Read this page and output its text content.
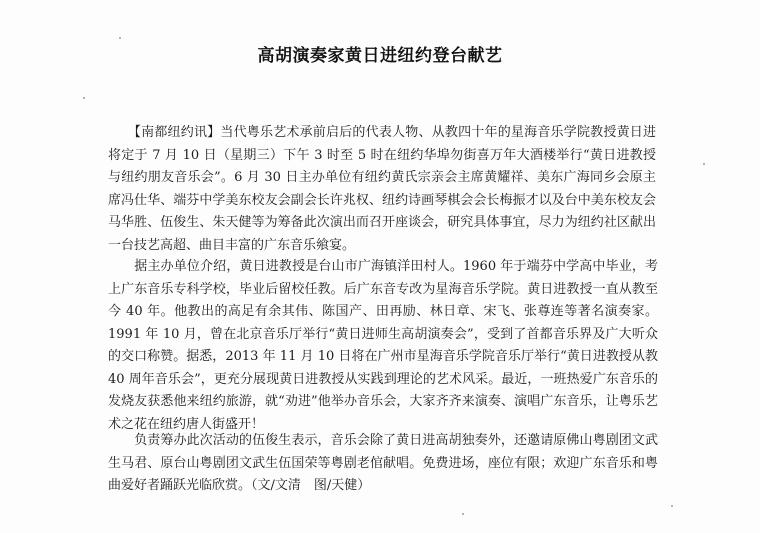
高胡演奏家黄日进纽约登台献艺

　　【南都纽约讯】当代粤乐艺术承前启后的代表人物、从教四十年的星海音乐学院教授黄日进将定于 7 月 10 日（星期三）下午 3 时至 5 时在纽约华埠勿街喜万年大酒楼举行“黄日进教授与纽约朋友音乐会”。6 月 30 日主办单位有纽约黄氏宗亲会主席黄耀祥、美东广海同乡会原主席冯仕华、端芬中学美东校友会副会长许兆权、纽约诗画琴棋会会长梅振才以及台中美东校友会马华胜、伍俊生、朱天健等为筹备此次演出而召开座谈会，研究具体事宜，尽力为纽约社区献出一台技艺高超、曲目丰富的广东音乐飨宴。

　　据主办单位介绍，黄日进教授是台山市广海镇洋田村人。1960 年于端芬中学高中毕业，考上广东音乐专科学校，毕业后留校任教。后广东音专改为星海音乐学院。黄日进教授一直从教至今 40 年。他教出的高足有余其伟、陈国产、田再励、林日章、宋飞、张尊连等著名演奏家。1991 年 10 月，曾在北京音乐厅举行“黄日进师生高胡演奏会”，受到了首都音乐界及广大听众的交口称赞。据悉，2013 年 11 月 10 日将在广州市星海音乐学院音乐厅举行“黄日进教授从教 40 周年音乐会”，更充分展现黄日进教授从实践到理论的艺术风采。最近，一班热爱广东音乐的发烧友获悉他来纽约旅游，就“劝进”他举办音乐会，大家齐齐来演奏、演唱广东音乐，让粤乐艺术之花在纽约唐人街盛开！

　　负责筹办此次活动的伍俊生表示，音乐会除了黄日进高胡独奏外，还邀请原佛山粤剧团文武生马君、原台山粤剧团文武生伍国荣等粤剧老倌献唱。免费进场，座位有限；欢迎广东音乐和粤曲爱好者踊跃光临欣赏。（文/文清　图/天健）
